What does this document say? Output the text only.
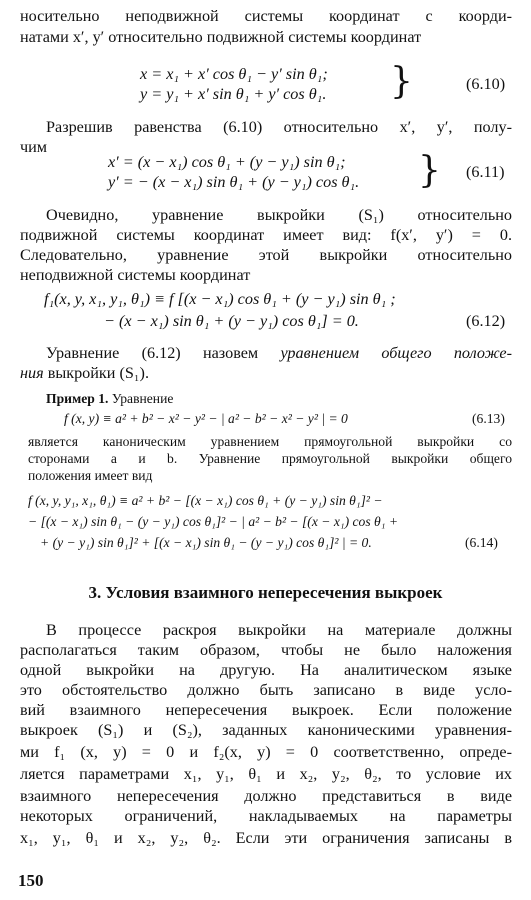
носительно неподвижной системы координат с коорди-
натами x′, y′ относительно подвижной системы координат
x = x₁ + x′ cos θ₁ − y′ sin θ₁;
y = y₁ + x′ sin θ₁ + y′ cos θ₁. }	(6.10)
Разрешив равенства (6.10) относительно x′, y′, полу-
чим
x′ = (x − x₁) cos θ₁ + (y − y₁) sin θ₁;
y′ = − (x − x₁) sin θ₁ + (y − y₁) cos θ₁. } (6.11)
Очевидно, уравнение выкройки (S₁) относительно
подвижной системы координат имеет вид: f(x′, y′) = 0.
Следовательно, уравнение этой выкройки относительно
неподвижной системы координат
f₁(x, y, x₁, y₁, θ₁) ≡ f [(x − x₁) cos θ₁ + (y − y₁) sin θ₁ ;
− (x − x₁) sin θ₁ + (y − y₁) cos θ₁] = 0.	(6.12)
Уравнение (6.12) назовем уравнением общего положе-
ния выкройки (S₁).
Пример 1. Уравнение
f (x, y) ≡ a² + b² − x² − y² − | a² − b² − x² − y² | = 0	(6.13)
является каноническим уравнением прямоугольной выкройки со
сторонами a и b. Уравнение прямоугольной выкройки общего
положения имеет вид
f (x, y, y₁, x₁, θ₁) ≡ a² + b² − [(x − x₁) cos θ₁ + (y − y₁) sin θ₁]² −
− [(x − x₁) sin θ₁ − (y − y₁) cos θ₁]² − | a² − b² − [(x − x₁) cos θ₁ +
+ (y − y₁) sin θ₁]² + [(x − x₁) sin θ₁ − (y − y₁) cos θ₁]² | = 0.	(6.14)
3. Условия взаимного непересечения выкроек
В процессе раскроя выкройки на материале должны
располагаться таким образом, чтобы не было наложения
одной выкройки на другую. На аналитическом языке
это обстоятельство должно быть записано в виде усло-
вий взаимного непересечения выкроек. Если положение
выкроек (S₁) и (S₂), заданных каноническими уравнения-
ми f₁ (x, y) = 0 и f₂(x, y) = 0 соответственно, опреде-
ляется параметрами x₁, y₁, θ₁ и x₂, y₂, θ₂, то условие их
взаимного непересечения должно представиться в виде
некоторых ограничений, накладываемых на параметры
x₁, y₁, θ₁ и x₂, y₂, θ₂. Если эти ограничения записаны в
150
